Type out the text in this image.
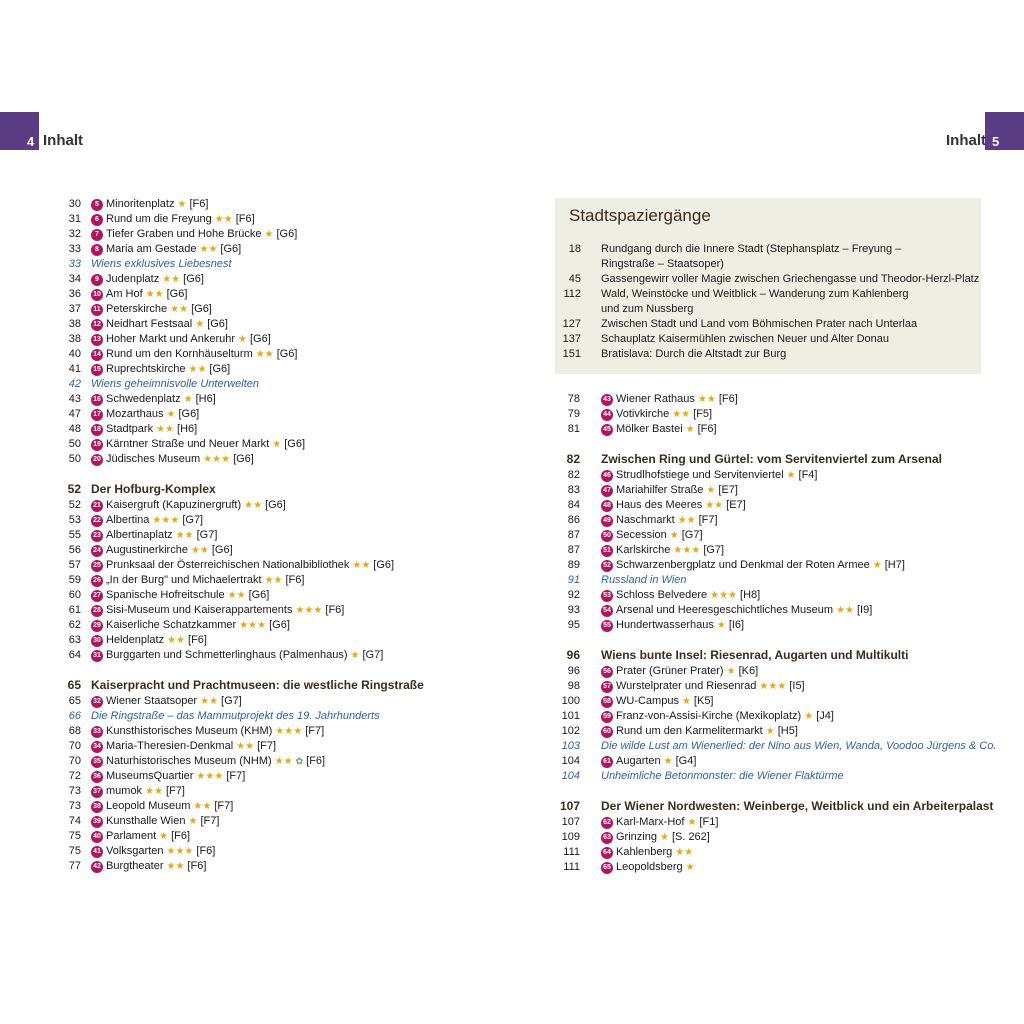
4 Inhalt	Inhalt 5
30	5 Minoritenplatz ★ [F6]
31	6 Rund um die Freyung ★★ [F6]
32	7 Tiefer Graben und Hohe Brücke ★ [G6]
33	8 Maria am Gestade ★★ [G6]
33 Wiens exklusives Liebesnest
34	9 Judenplatz ★★ [G6]
36 10 Am Hof ★★ [G6]
37	11 Peterskirche ★★ [G6]
38 12 Neidhart Festsaal ★ [G6]
38 13 Hoher Markt und Ankeruhr ★ [G6]
40 14 Rund um den Kornhäuselturm ★★ [G6]
41 15 Ruprechtskirche ★★ [G6]
42 Wiens geheimnisvolle Unterwelten
43 16 Schwedenplatz ★ [H6]
47 17 Mozarthaus ★ [G6]
48 18 Stadtpark ★★ [H6]
50 19 Kärntner Straße und Neuer Markt ★ [G6]
50 20 Jüdisches Museum ★★★ [G6]
52 Der Hofburg-Komplex
52 21 Kaisergruft (Kapuzinergruft) ★★ [G6]
53 22 Albertina ★★★ [G7]
55 23 Albertinaplatz ★★ [G7]
56 24 Augustinerkirche ★★ [G6]
57 25 Prunksaal der Österreichischen Nationalbibliothek ★★ [G6]
59 26 „In der Burg" und Michaelertrakt ★★ [F6]
60 27 Spanische Hofreitschule ★★ [G6]
61 28 Sisi-Museum und Kaiserappartements ★★★ [F6]
62 29 Kaiserliche Schatzkammer ★★★ [G6]
63 30 Heldenplatz ★★ [F6]
64 31 Burggarten und Schmetterlinghaus (Palmenhaus) ★ [G7]
65 Kaiserpracht und Prachtmuseen: die westliche Ringstraße
65 32 Wiener Staatsoper ★★ [G7]
66 Die Ringstraße – das Mammutprojekt des 19. Jahrhunderts
68 33 Kunsthistorisches Museum (KHM) ★★★ [F7]
70 34 Maria-Theresien-Denkmal ★★ [F7]
70 35 Naturhistorisches Museum (NHM) ★★ ✿ [F6]
72 36 MuseumsQuartier ★★★ [F7]
73 37 mumok ★★ [F7]
73 38 Leopold Museum ★★ [F7]
74 39 Kunsthalle Wien ★ [F7]
75 40 Parlament ★ [F6]
75 41 Volksgarten ★★★ [F6]
77 42 Burgtheater ★★ [F6]
Stadtspaziergänge
18 Rundgang durch die Innere Stadt (Stephansplatz – Freyung –
Ringstraße – Staatsoper)
45 Gassengewirr voller Magie zwischen Griechengasse und Theodor-Herzl-Platz
112 Wald, Weinstöcke und Weitblick – Wanderung zum Kahlenberg
und zum Nussberg
127 Zwischen Stadt und Land vom Böhmischen Prater nach Unterlaa
137 Schauplatz Kaisermühlen zwischen Neuer und Alter Donau
151 Bratislava: Durch die Altstadt zur Burg
78	43 Wiener Rathaus ★★ [F6]
79	44 Votivkirche ★★ [F5]
81	45 Mölker Bastei ★ [F6]
82 Zwischen Ring und Gürtel: vom Servitenviertel zum Arsenal
82	46 Strudlhofstiege und Servitenviertel ★ [F4]
83	47 Mariahilfer Straße ★ [E7]
84	48 Haus des Meeres ★★ [E7]
86	49 Naschmarkt ★★ [F7]
87	50 Secession ★ [G7]
87	51 Karlskirche ★★★ [G7]
89	52 Schwarzenbergplatz und Denkmal der Roten Armee ★ [H7]
91 Russland in Wien
92	53 Schloss Belvedere ★★★ [H8]
93	54 Arsenal und Heeresgeschichtliches Museum ★★ [I9]
95	55 Hundertwasserhaus ★ [I6]
96 Wiens bunte Insel: Riesenrad, Augarten und Multikulti
96	56 Prater (Grüner Prater) ★ [K6]
98	57 Wurstelprater und Riesenrad ★★★ [I5]
100	58 WU-Campus ★ [K5]
101	59 Franz-von-Assisi-Kirche (Mexikoplatz) ★ [J4]
102	60 Rund um den Karmelitermarkt ★ [H5]
103 Die wilde Lust am Wienerlied: der Nino aus Wien, Wanda, Voodoo Jürgens & Co.
104	61 Augarten ★ [G4]
104 Unheimliche Betonmonster: die Wiener Flaktürme
107 Der Wiener Nordwesten: Weinberge, Weitblick und ein Arbeiterpalast
107	62 Karl-Marx-Hof ★ [F1]
109	63 Grinzing ★ [S. 262]
111	64 Kahlenberg ★★
111	65 Leopoldsberg ★
